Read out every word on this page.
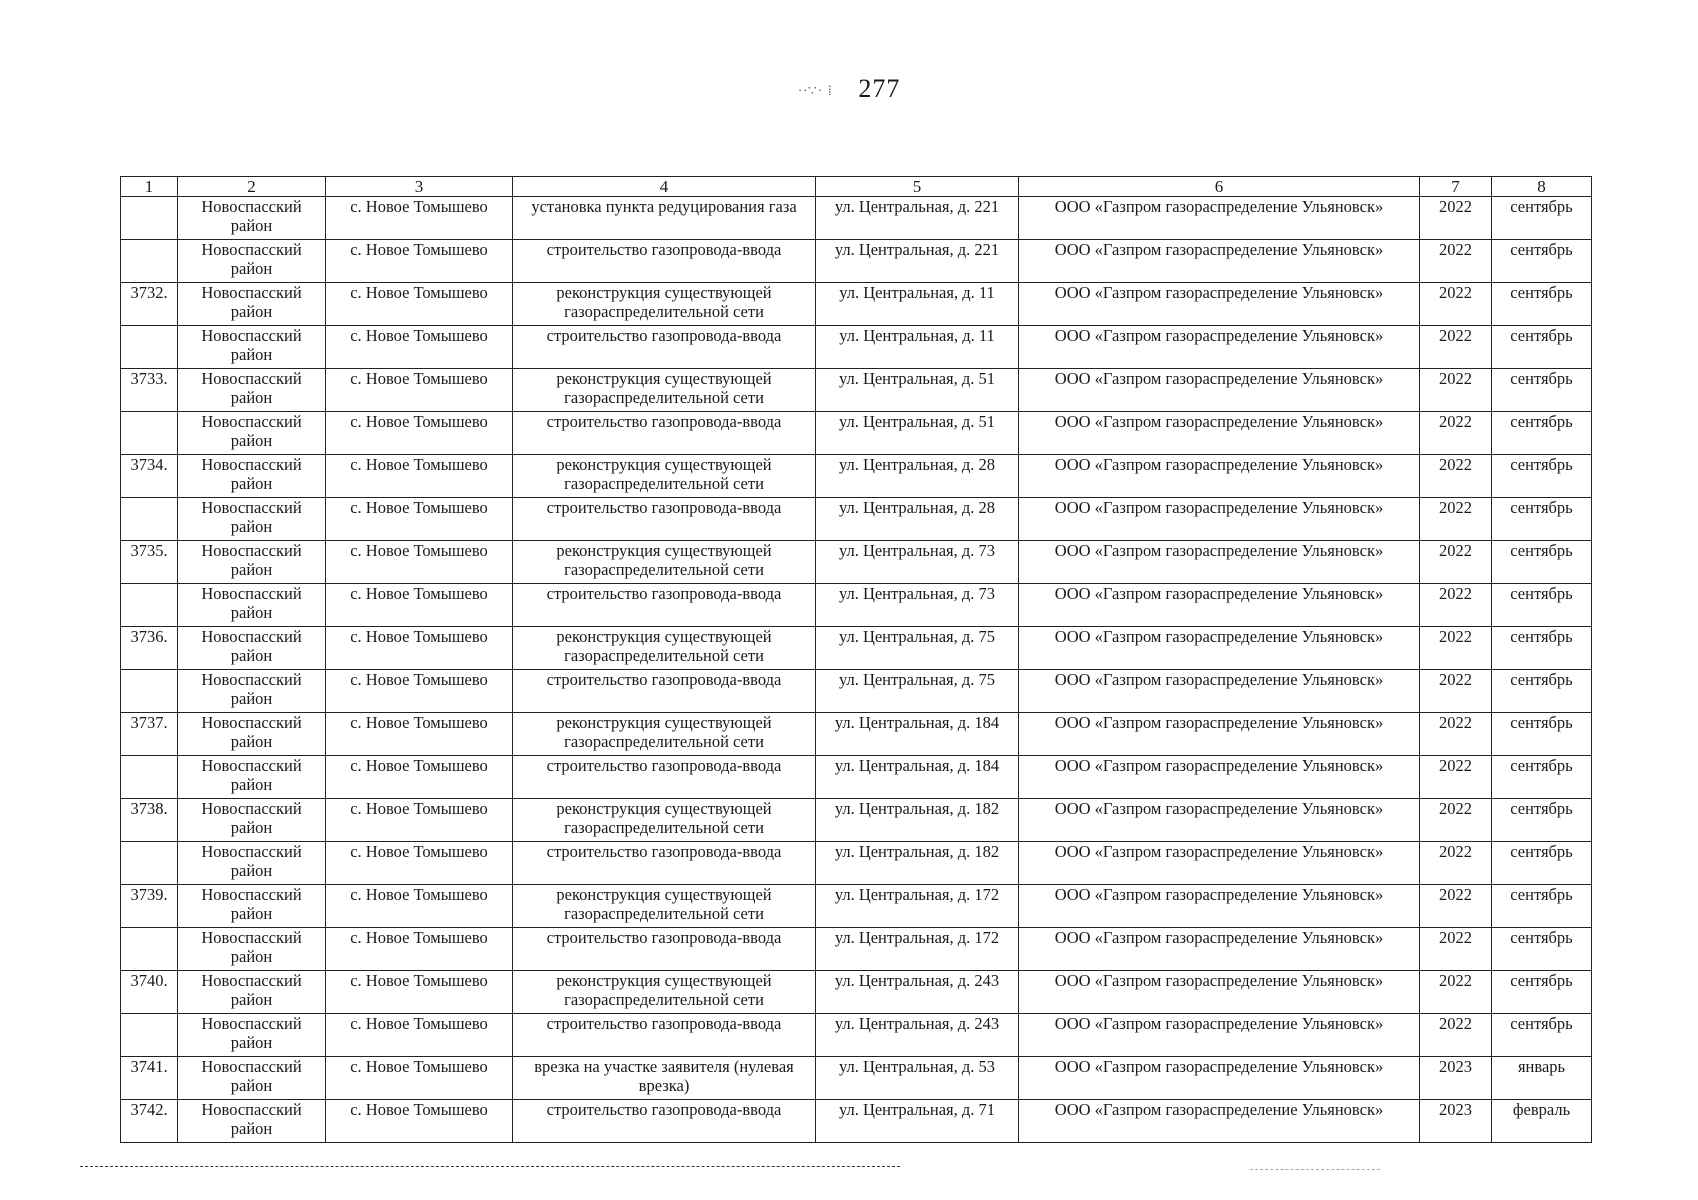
·∙∵· ⁞ 277
1	2	3	4	5	6	7	8
	Новоспасский район	с. Новое Томышево	установка пункта редуцирования газа	ул. Центральная, д. 221	ООО «Газпром газораспределение Ульяновск»	2022	сентябрь
	Новоспасский район	с. Новое Томышево	строительство газопровода-ввода	ул. Центральная, д. 221	ООО «Газпром газораспределение Ульяновск»	2022	сентябрь
3732.	Новоспасский район	с. Новое Томышево	реконструкция существующей газораспределительной сети	ул. Центральная, д. 11	ООО «Газпром газораспределение Ульяновск»	2022	сентябрь
	Новоспасский район	с. Новое Томышево	строительство газопровода-ввода	ул. Центральная, д. 11	ООО «Газпром газораспределение Ульяновск»	2022	сентябрь
3733.	Новоспасский район	с. Новое Томышево	реконструкция существующей газораспределительной сети	ул. Центральная, д. 51	ООО «Газпром газораспределение Ульяновск»	2022	сентябрь
	Новоспасский район	с. Новое Томышево	строительство газопровода-ввода	ул. Центральная, д. 51	ООО «Газпром газораспределение Ульяновск»	2022	сентябрь
3734.	Новоспасский район	с. Новое Томышево	реконструкция существующей газораспределительной сети	ул. Центральная, д. 28	ООО «Газпром газораспределение Ульяновск»	2022	сентябрь
	Новоспасский район	с. Новое Томышево	строительство газопровода-ввода	ул. Центральная, д. 28	ООО «Газпром газораспределение Ульяновск»	2022	сентябрь
3735.	Новоспасский район	с. Новое Томышево	реконструкция существующей газораспределительной сети	ул. Центральная, д. 73	ООО «Газпром газораспределение Ульяновск»	2022	сентябрь
	Новоспасский район	с. Новое Томышево	строительство газопровода-ввода	ул. Центральная, д. 73	ООО «Газпром газораспределение Ульяновск»	2022	сентябрь
3736.	Новоспасский район	с. Новое Томышево	реконструкция существующей газораспределительной сети	ул. Центральная, д. 75	ООО «Газпром газораспределение Ульяновск»	2022	сентябрь
	Новоспасский район	с. Новое Томышево	строительство газопровода-ввода	ул. Центральная, д. 75	ООО «Газпром газораспределение Ульяновск»	2022	сентябрь
3737.	Новоспасский район	с. Новое Томышево	реконструкция существующей газораспределительной сети	ул. Центральная, д. 184	ООО «Газпром газораспределение Ульяновск»	2022	сентябрь
	Новоспасский район	с. Новое Томышево	строительство газопровода-ввода	ул. Центральная, д. 184	ООО «Газпром газораспределение Ульяновск»	2022	сентябрь
3738.	Новоспасский район	с. Новое Томышево	реконструкция существующей газораспределительной сети	ул. Центральная, д. 182	ООО «Газпром газораспределение Ульяновск»	2022	сентябрь
	Новоспасский район	с. Новое Томышево	строительство газопровода-ввода	ул. Центральная, д. 182	ООО «Газпром газораспределение Ульяновск»	2022	сентябрь
3739.	Новоспасский район	с. Новое Томышево	реконструкция существующей газораспределительной сети	ул. Центральная, д. 172	ООО «Газпром газораспределение Ульяновск»	2022	сентябрь
	Новоспасский район	с. Новое Томышево	строительство газопровода-ввода	ул. Центральная, д. 172	ООО «Газпром газораспределение Ульяновск»	2022	сентябрь
3740.	Новоспасский район	с. Новое Томышево	реконструкция существующей газораспределительной сети	ул. Центральная, д. 243	ООО «Газпром газораспределение Ульяновск»	2022	сентябрь
	Новоспасский район	с. Новое Томышево	строительство газопровода-ввода	ул. Центральная, д. 243	ООО «Газпром газораспределение Ульяновск»	2022	сентябрь
3741.	Новоспасский район	с. Новое Томышево	врезка на участке заявителя (нулевая врезка)	ул. Центральная, д. 53	ООО «Газпром газораспределение Ульяновск»	2023	январь
3742.	Новоспасский район	с. Новое Томышево	строительство газопровода-ввода	ул. Центральная, д. 71	ООО «Газпром газораспределение Ульяновск»	2023	февраль
